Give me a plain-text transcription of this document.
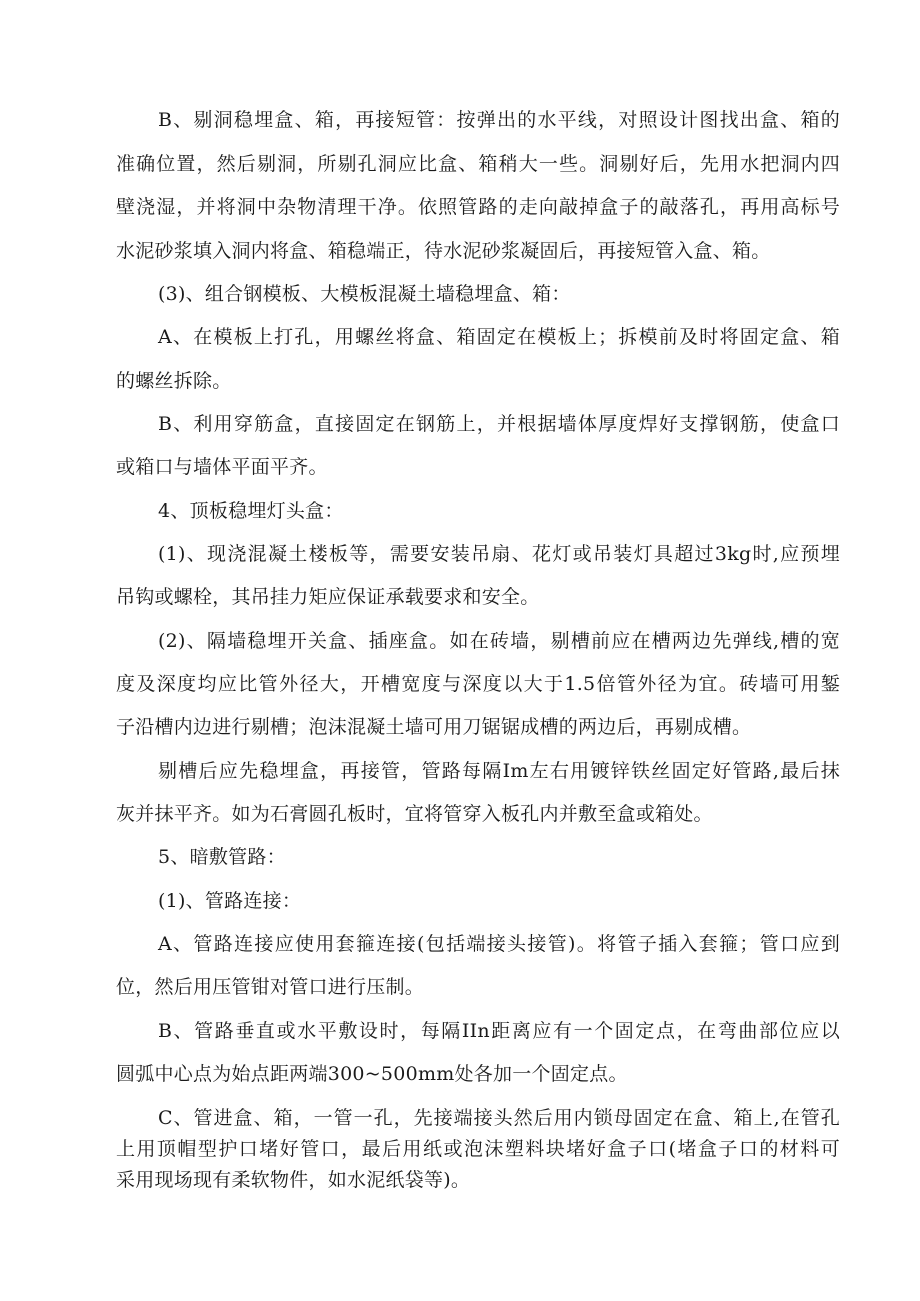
B、剔洞稳埋盒、箱，再接短管：按弹出的水平线，对照设计图找出盒、箱的

准确位置，然后剔洞，所剔孔洞应比盒、箱稍大一些。洞剔好后，先用水把洞内四

壁浇湿，并将洞中杂物清理干净。依照管路的走向敲掉盒子的敲落孔，再用高标号

水泥砂浆填入洞内将盒、箱稳端正，待水泥砂浆凝固后，再接短管入盒、箱。

(3)、组合钢模板、大模板混凝土墙稳埋盒、箱：

A、在模板上打孔，用螺丝将盒、箱固定在模板上；拆模前及时将固定盒、箱

的螺丝拆除。

B、利用穿筋盒，直接固定在钢筋上，并根据墙体厚度焊好支撑钢筋，使盒口

或箱口与墙体平面平齐。

4、顶板稳埋灯头盒：

(1)、现浇混凝土楼板等，需要安装吊扇、花灯或吊装灯具超过3kg时,应预埋

吊钩或螺栓，其吊挂力矩应保证承载要求和安全。

(2)、隔墙稳埋开关盒、插座盒。如在砖墙，剔槽前应在槽两边先弹线,槽的宽

度及深度均应比管外径大，开槽宽度与深度以大于1.5倍管外径为宜。砖墙可用錾

子沿槽内边进行剔槽；泡沫混凝土墙可用刀锯锯成槽的两边后，再剔成槽。

剔槽后应先稳埋盒，再接管，管路每隔Im左右用镀锌铁丝固定好管路,最后抹

灰并抹平齐。如为石膏圆孔板时，宜将管穿入板孔内并敷至盒或箱处。

5、暗敷管路：

(1)、管路连接：

A、管路连接应使用套箍连接(包括端接头接管)。将管子插入套箍；管口应到

位，然后用压管钳对管口进行压制。

B、管路垂直或水平敷设时，每隔IIn距离应有一个固定点，在弯曲部位应以

圆弧中心点为始点距两端300~500mm处各加一个固定点。

C、管进盒、箱，一管一孔，先接端接头然后用内锁母固定在盒、箱上,在管孔

上用顶帽型护口堵好管口，最后用纸或泡沫塑料块堵好盒子口(堵盒子口的材料可

采用现场现有柔软物件，如水泥纸袋等)。
